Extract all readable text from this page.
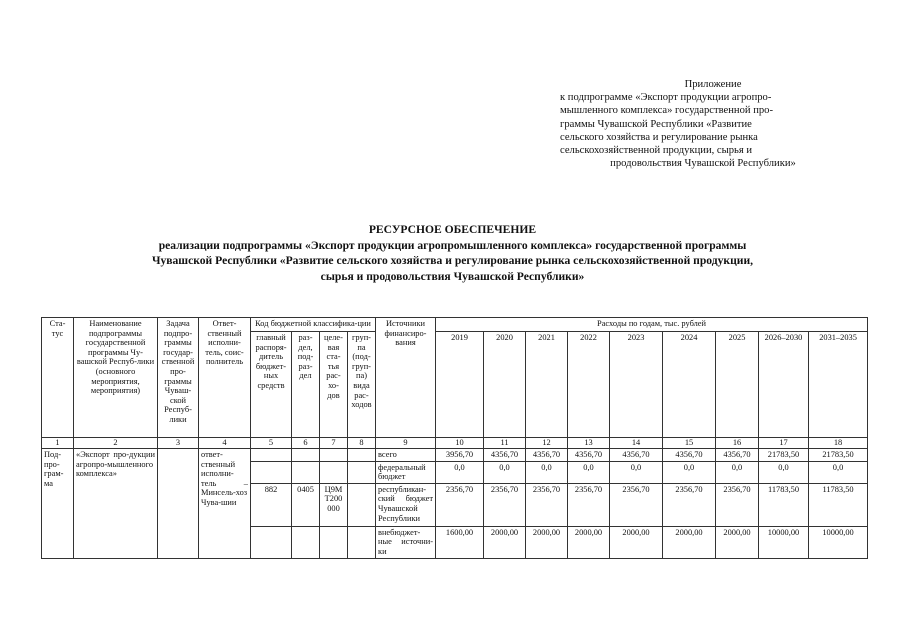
Приложение
к подпрограмме «Экспорт продукции агропро-
мышленного комплекса» государственной про-
граммы Чувашской Республики «Развитие
сельского хозяйства и регулирование рынка
сельскохозяйственной продукции, сырья и
продовольствия Чувашской Республики»
РЕСУРСНОЕ ОБЕСПЕЧЕНИЕ
реализации подпрограммы «Экспорт продукции агропромышленного комплекса» государственной программы
Чувашской Республики «Развитие сельского хозяйства и регулирование рынка сельскохозяйственной продукции,
сырья и продовольствия Чувашской Республики»
Ста-тус	Наименование подпрограммы государственной программы Чу-вашской Респуб-лики (основного мероприятия, мероприятия)	Задача подпро-граммы государ-ственной про-граммы Чуваш-ской Респуб-лики	Ответ-ственный исполни-тель, соис-полнитель	Код бюджетной классифика-ции				Источники финансиро-вания	Расходы по годам, тыс. рублей								
				главный распоря-дитель бюджет-ных средств	раз-дел, под-раз-дел	целе-вая ста-тья рас-хо-дов	груп-па (под-груп-па) вида рас-ходов		2019	2020	2021	2022	2023	2024	2025	2026–2030	2031–2035
1	2	3	4	5	6	7	8	9	10	11	12	13	14	15	16	17	18
Под-про-грам-ма	«Экспорт про-дукции агропро-мышленного комплекса»		ответ-ственный исполни-тель – Минсель-хоз Чува-шии					всего	3956,70	4356,70	4356,70	4356,70	4356,70	4356,70	4356,70	21783,50	21783,50
								федеральный бюджет	0,0	0,0	0,0	0,0	0,0	0,0	0,0	0,0	0,0
				882	0405	Ц9М Т200 000		республикан-ский бюджет Чувашской Республики	2356,70	2356,70	2356,70	2356,70	2356,70	2356,70	2356,70	11783,50	11783,50
								внебюджет-ные источни-ки	1600,00	2000,00	2000,00	2000,00	2000,00	2000,00	2000,00	10000,00	10000,00
